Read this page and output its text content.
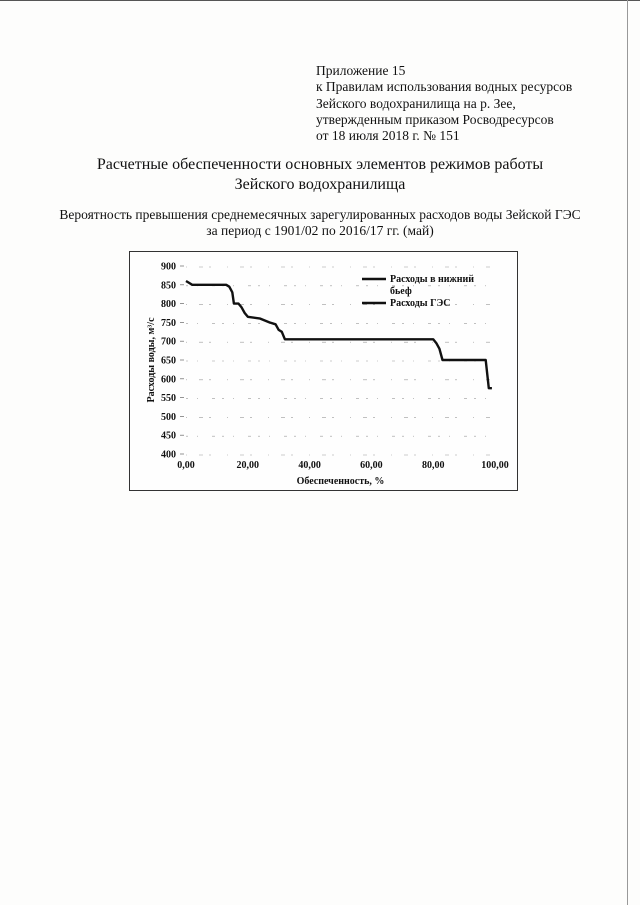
Приложение 15
к Правилам использования водных ресурсов
Зейского водохранилища на р. Зее,
утвержденным приказом Росводресурсов
от 18 июля 2018 г. № 151
Расчетные обеспеченности основных элементов режимов работы
Зейского водохранилища
Вероятность превышения среднемесячных зарегулированных расходов воды Зейской ГЭС
за период с 1901/02 по 2016/17 гг. (май)
900
850
800
750
700
650
600
550
500
450
400
0,00	20,00	40,00	60,00	80,00	100,00
Расходы в нижний бьеф
Расходы ГЭС
Расходы воды, м³/с
Обеспеченность, %
